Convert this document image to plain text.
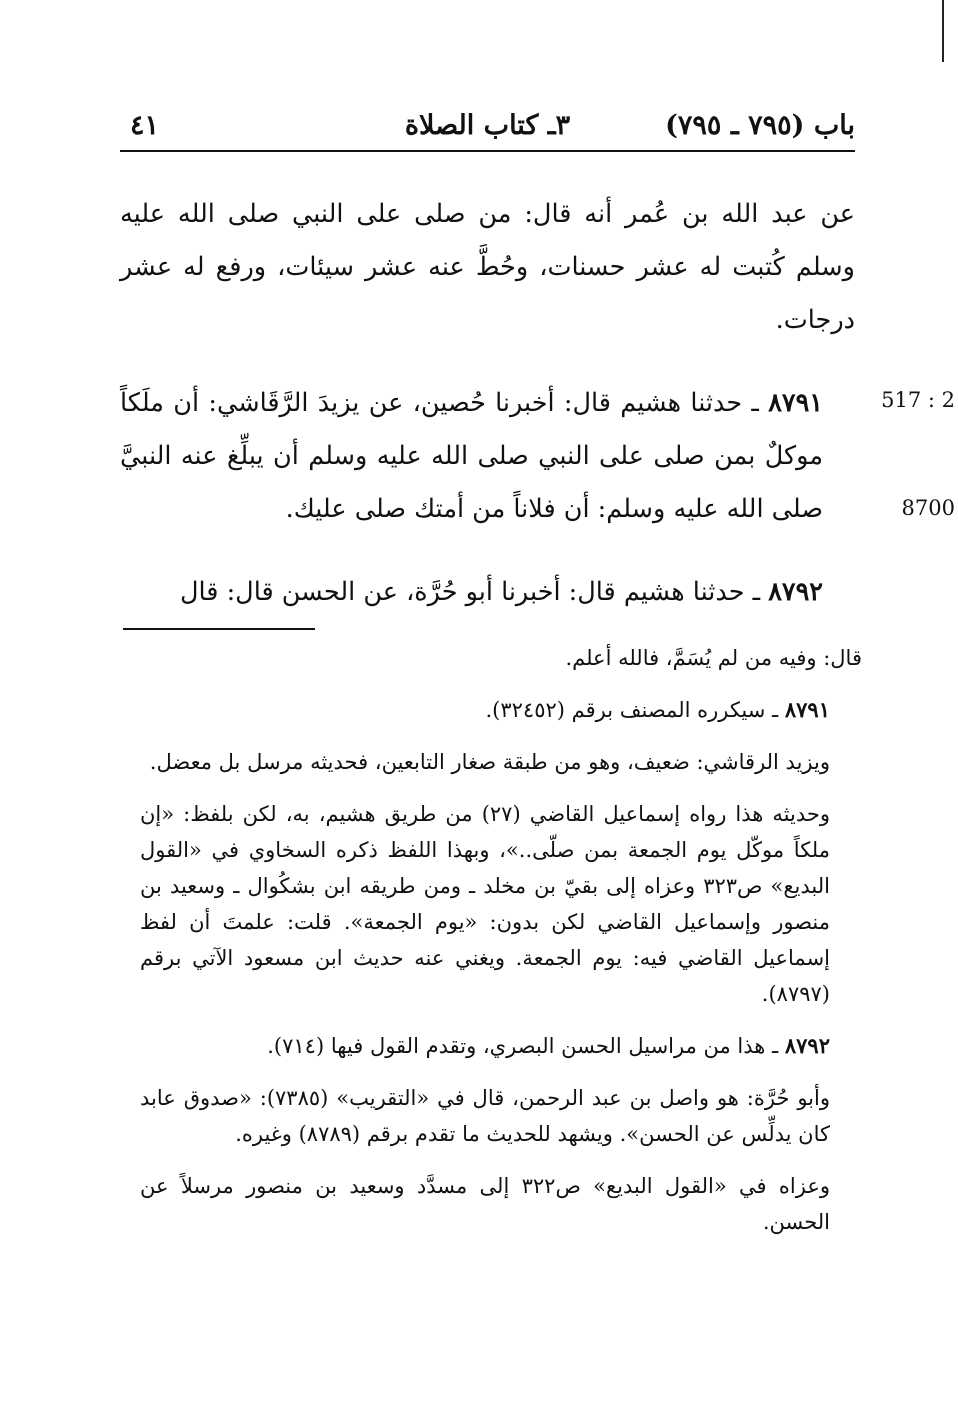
باب (٧٩٥ ـ ٧٩٥)
٣ـ كتاب الصلاة
٤١

عن عبد الله بن عُمر أنه قال: من صلى على النبي صلى الله عليه وسلم كُتبت له عشر حسنات، وحُطَّ عنه عشر سيئات، ورفع له عشر درجات.

٨٧٩١ ـ حدثنا هشيم قال: أخبرنا حُصين، عن يزيدَ الرَّقَاشي: أن ملَكاً موكلٌ بمن صلى على النبي صلى الله عليه وسلم أن يبلِّغ عنه النبيَّ صلى الله عليه وسلم: أن فلاناً من أمتك صلى عليك.

٨٧٩٢ ـ حدثنا هشيم قال: أخبرنا أبو حُرَّة، عن الحسن قال: قال

517 : 2
8700

قال: وفيه من لم يُسَمَّ، فالله أعلم.

٨٧٩١ ـ سيكرره المصنف برقم (٣٢٤٥٢).

ويزيد الرقاشي: ضعيف، وهو من طبقة صغار التابعين، فحديثه مرسل بل معضل.

وحديثه هذا رواه إسماعيل القاضي (٢٧) من طريق هشيم، به، لكن بلفظ: «إن ملكاً موكّل يوم الجمعة بمن صلّى..»، وبهذا اللفظ ذكره السخاوي في «القول البديع» ص٣٢٣ وعزاه إلى بقيّ بن مخلد ـ ومن طريقه ابن بشكُوال ـ وسعيد بن منصور وإسماعيل القاضي لكن بدون: «يوم الجمعة». قلت: علمتَ أن لفظ إسماعيل القاضي فيه: يوم الجمعة. ويغني عنه حديث ابن مسعود الآتي برقم (٨٧٩٧).

٨٧٩٢ ـ هذا من مراسيل الحسن البصري، وتقدم القول فيها (٧١٤).

وأبو حُرَّة: هو واصل بن عبد الرحمن، قال في «التقريب» (٧٣٨٥): «صدوق عابد كان يدلِّس عن الحسن». ويشهد للحديث ما تقدم برقم (٨٧٨٩) وغيره.

وعزاه في «القول البديع» ص٣٢٢ إلى مسدَّد وسعيد بن منصور مرسلاً عن الحسن.
